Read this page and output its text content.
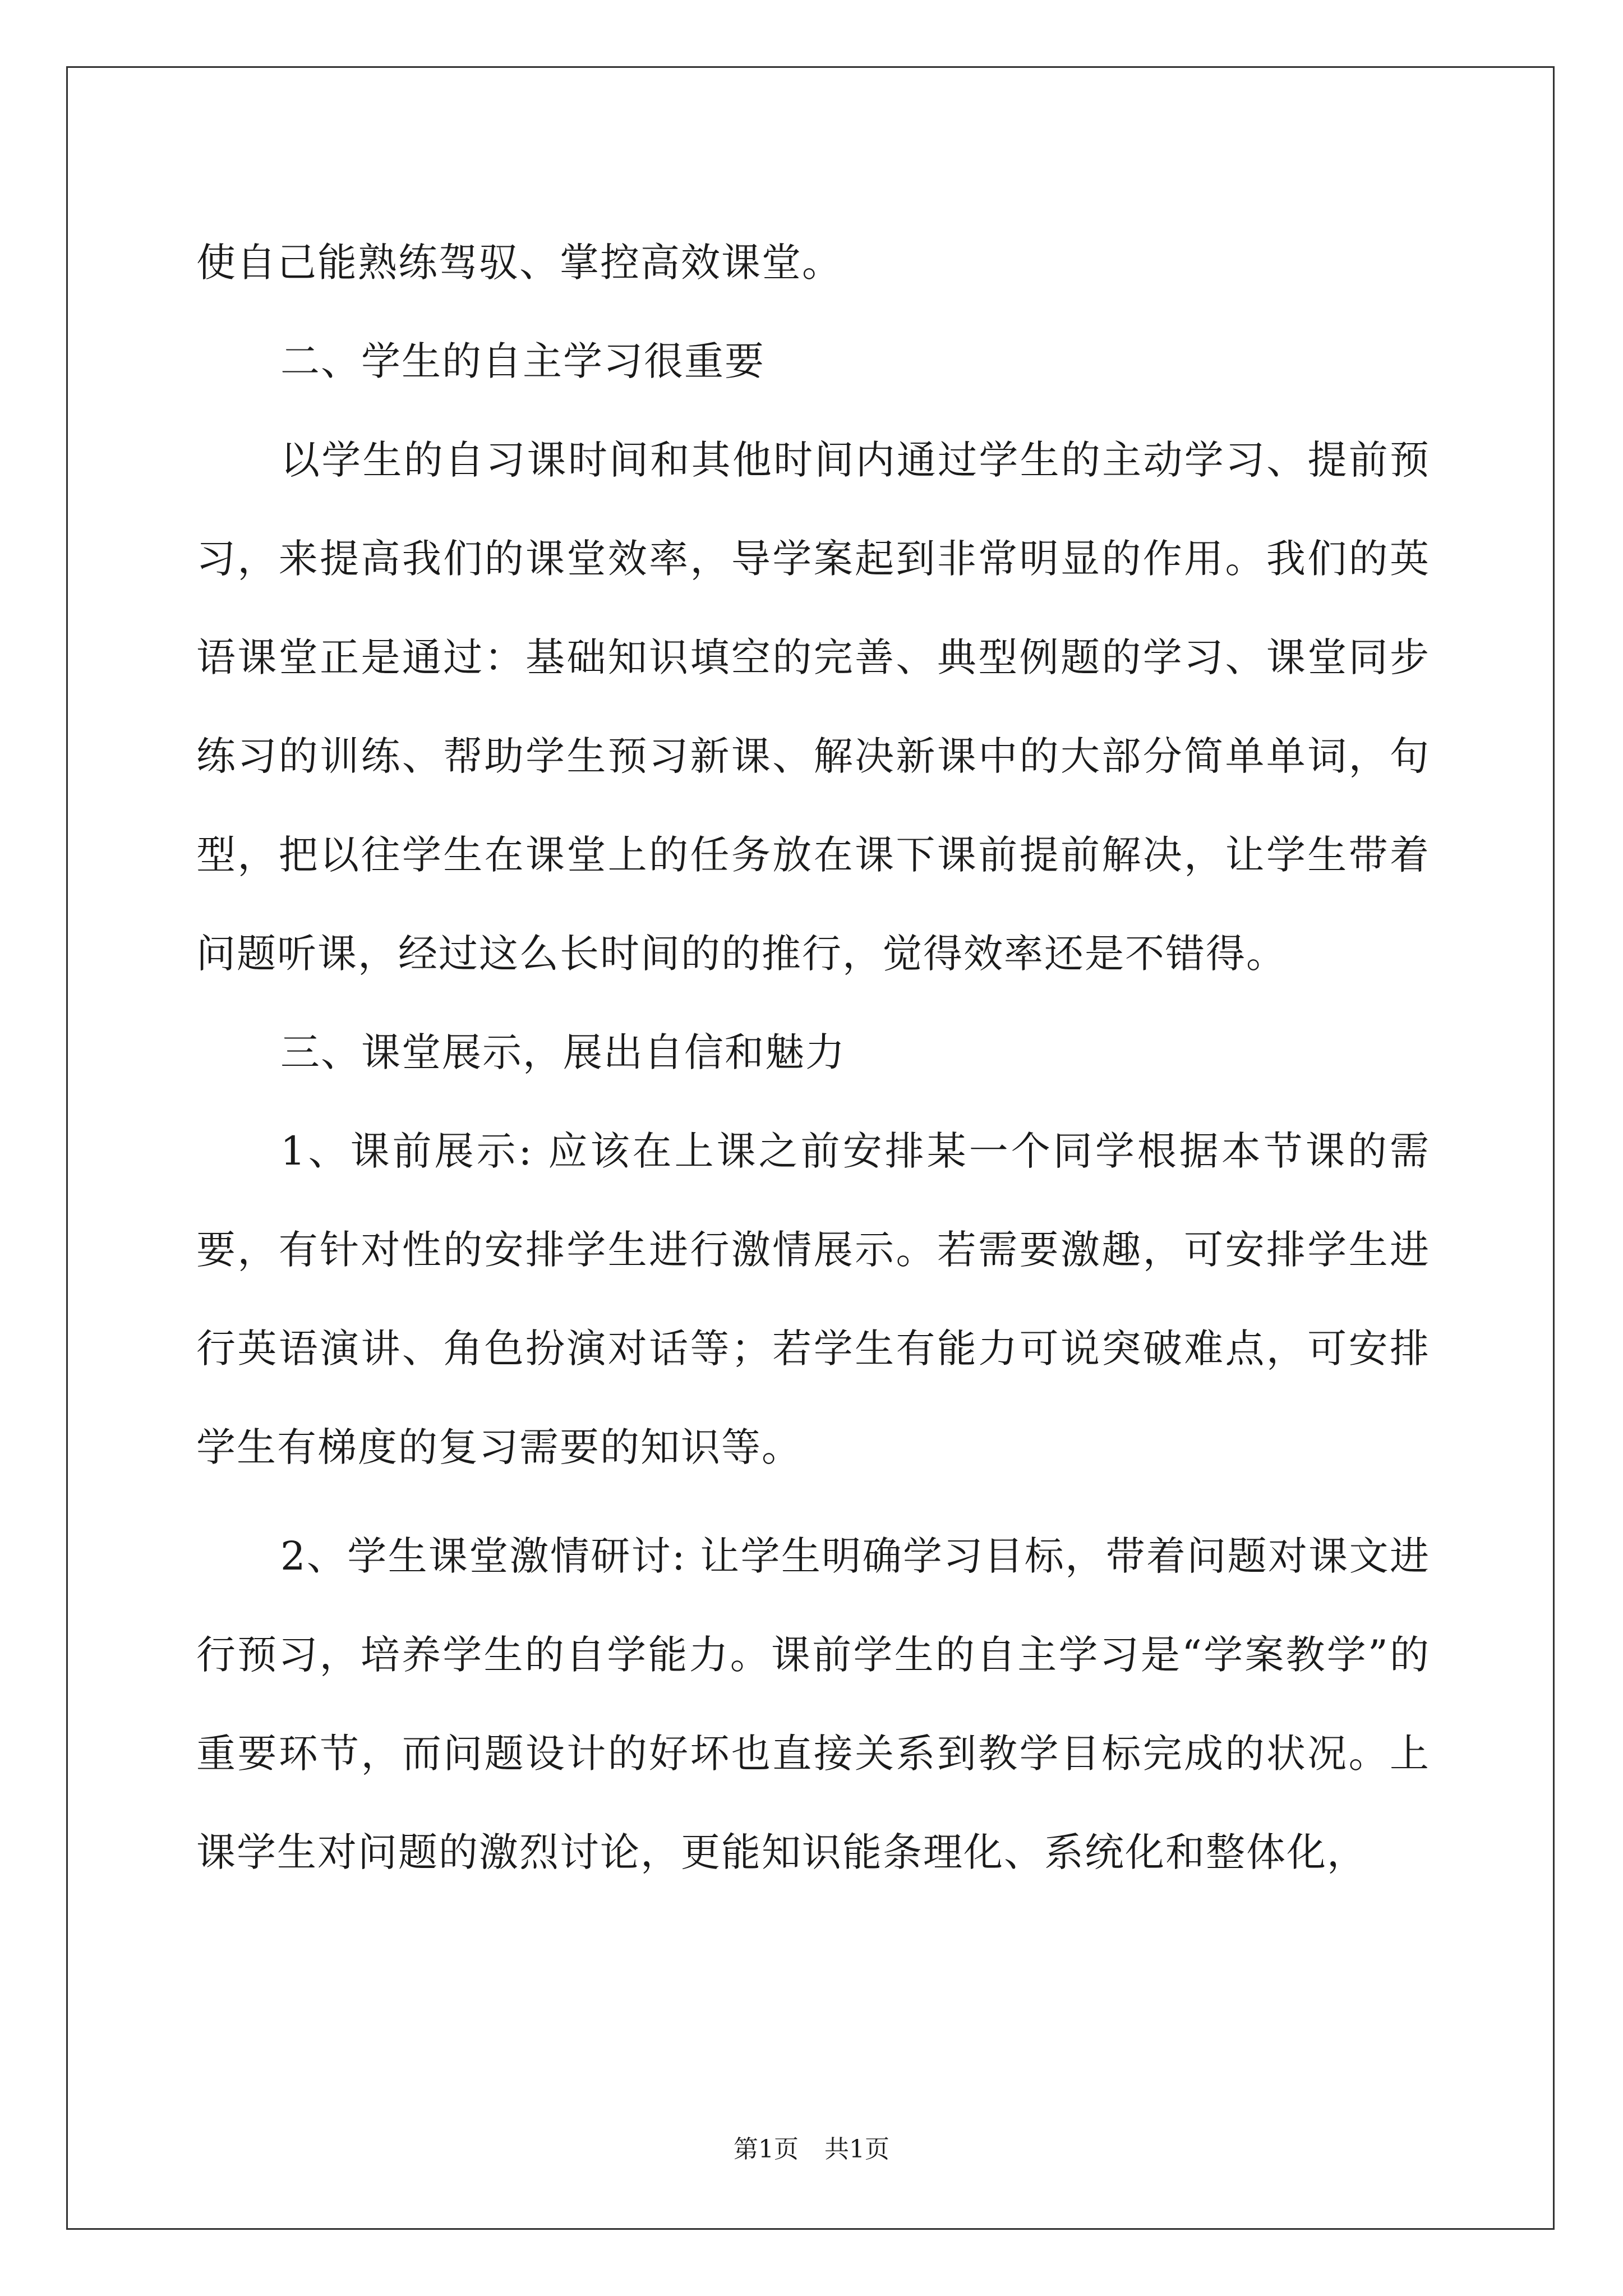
使自己能熟练驾驭、掌控高效课堂。

二、学生的自主学习很重要

以学生的自习课时间和其他时间内通过学生的主动学习、提前预习，来提高我们的课堂效率，导学案起到非常明显的作用。我们的英语课堂正是通过：基础知识填空的完善、典型例题的学习、课堂同步练习的训练、帮助学生预习新课、解决新课中的大部分简单单词，句型，把以往学生在课堂上的任务放在课下课前提前解决，让学生带着问题听课，经过这么长时间的的推行，觉得效率还是不错得。

三、课堂展示，展出自信和魅力

1、课前展示: 应该在上课之前安排某一个同学根据本节课的需要，有针对性的安排学生进行激情展示。若需要激趣，可安排学生进行英语演讲、角色扮演对话等；若学生有能力可说突破难点，可安排学生有梯度的复习需要的知识等。

2、学生课堂激情研讨: 让学生明确学习目标，带着问题对课文进行预习，培养学生的自学能力。课前学生的自主学习是“学案教学”的重要环节，而问题设计的好坏也直接关系到教学目标完成的状况。上课学生对问题的激烈讨论，更能知识能条理化、系统化和整体化，

第1页 共1页
